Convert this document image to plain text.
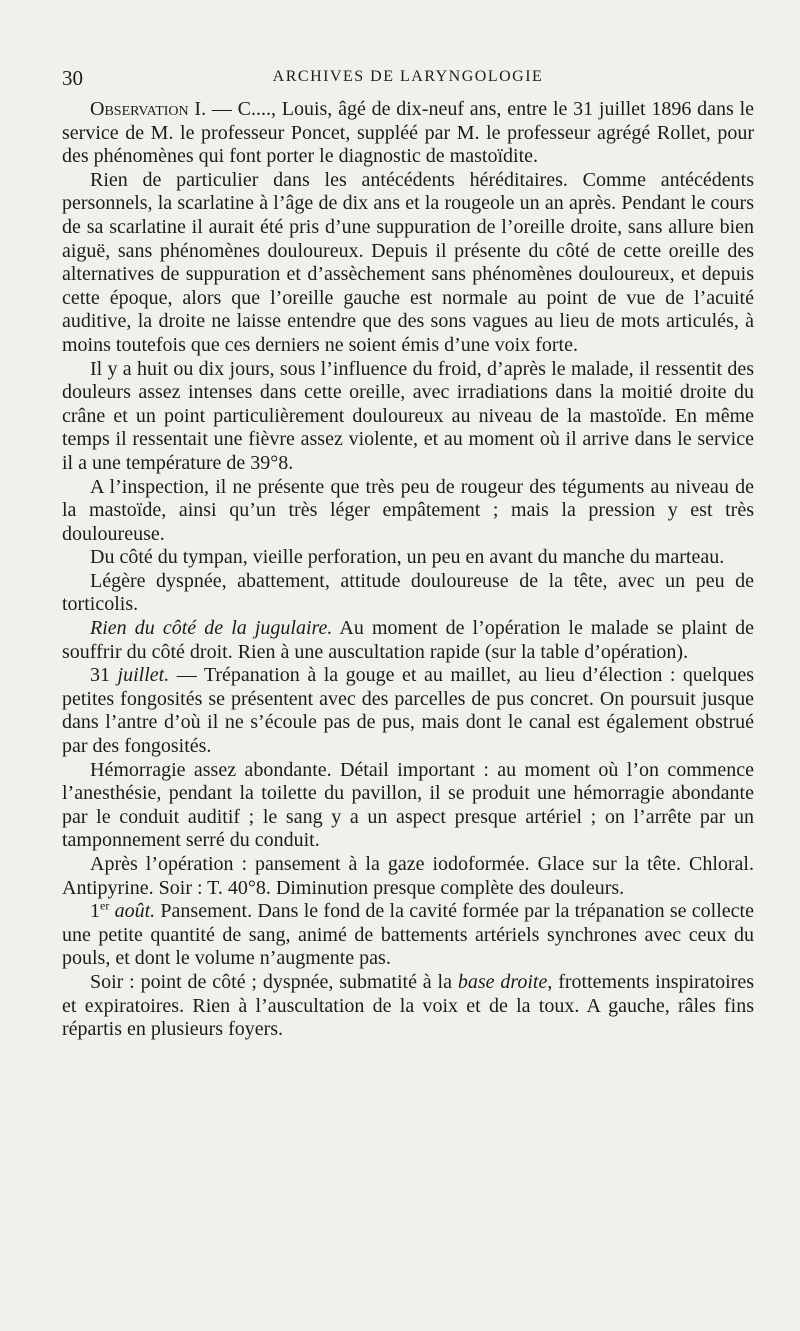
30	ARCHIVES DE LARYNGOLOGIE

Observation I. — C...., Louis, âgé de dix-neuf ans, entre le 31 juillet 1896 dans le service de M. le professeur Poncet, suppléé par M. le professeur agrégé Rollet, pour des phénomènes qui font porter le diagnostic de mastoïdite.

Rien de particulier dans les antécédents héréditaires. Comme antécédents personnels, la scarlatine à l’âge de dix ans et la rougeole un an après. Pendant le cours de sa scarlatine il aurait été pris d’une suppuration de l’oreille droite, sans allure bien aiguë, sans phénomènes douloureux. Depuis il présente du côté de cette oreille des alternatives de suppuration et d’assèchement sans phénomènes douloureux, et depuis cette époque, alors que l’oreille gauche est normale au point de vue de l’acuité auditive, la droite ne laisse entendre que des sons vagues au lieu de mots articulés, à moins toutefois que ces derniers ne soient émis d’une voix forte.

Il y a huit ou dix jours, sous l’influence du froid, d’après le malade, il ressentit des douleurs assez intenses dans cette oreille, avec irradiations dans la moitié droite du crâne et un point particulièrement douloureux au niveau de la mastoïde. En même temps il ressentait une fièvre assez violente, et au moment où il arrive dans le service il a une température de 39°8.

A l’inspection, il ne présente que très peu de rougeur des téguments au niveau de la mastoïde, ainsi qu’un très léger empâtement ; mais la pression y est très douloureuse.

Du côté du tympan, vieille perforation, un peu en avant du manche du marteau.

Légère dyspnée, abattement, attitude douloureuse de la tête, avec un peu de torticolis.

Rien du côté de la jugulaire. Au moment de l’opération le malade se plaint de souffrir du côté droit. Rien à une auscultation rapide (sur la table d’opération).

31 juillet. — Trépanation à la gouge et au maillet, au lieu d’élection : quelques petites fongosités se présentent avec des parcelles de pus concret. On poursuit jusque dans l’antre d’où il ne s’écoule pas de pus, mais dont le canal est également obstrué par des fongosités.

Hémorragie assez abondante. Détail important : au moment où l’on commence l’anesthésie, pendant la toilette du pavillon, il se produit une hémorragie abondante par le conduit auditif ; le sang y a un aspect presque artériel ; on l’arrête par un tamponnement serré du conduit.

Après l’opération : pansement à la gaze iodoformée. Glace sur la tête. Chloral. Antipyrine. Soir : T. 40°8. Diminution presque complète des douleurs.

1er août. Pansement. Dans le fond de la cavité formée par la trépanation se collecte une petite quantité de sang, animé de battements artériels synchrones avec ceux du pouls, et dont le volume n’augmente pas.

Soir : point de côté ; dyspnée, submatité à la base droite, frottements inspiratoires et expiratoires. Rien à l’auscultation de la voix et de la toux. A gauche, râles fins répartis en plusieurs foyers.
